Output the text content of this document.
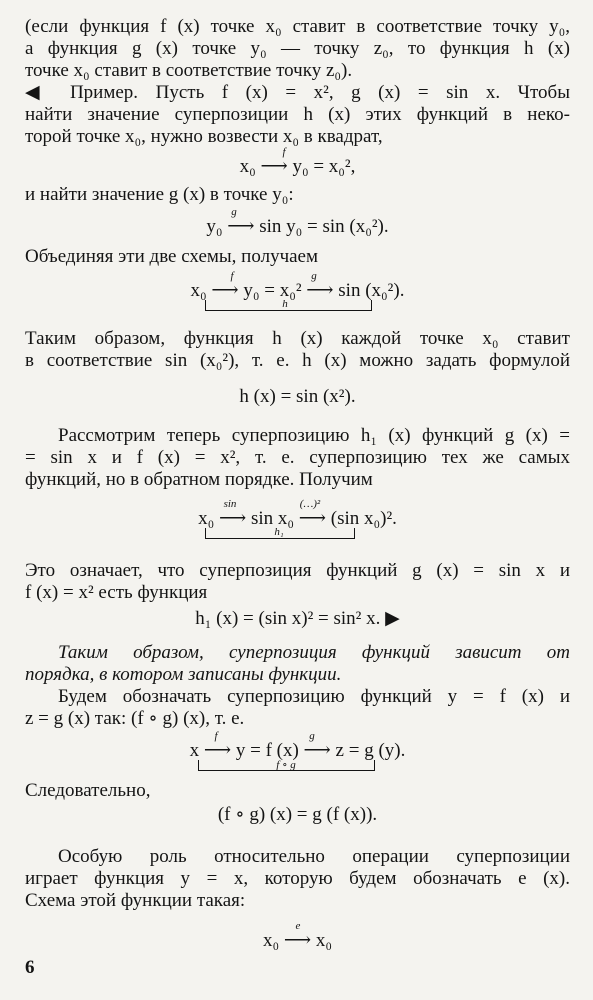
(если функция f (x) точке x₀ ставит в соответствие точку y₀,
а функция g (x) точке y₀ — точку z₀, то функция h (x)
точке x₀ ставит в соответствие точку z₀).
◀ Пример. Пусть f (x) = x², g (x) = sin x. Чтобы
найти значение суперпозиции h (x) этих функций в неко-
торой точке x₀, нужно возвести x₀ в квадрат,
x₀ ⟶ y₀ = x₀²,
f
и найти значение g (x) в точке y₀:
y₀ ⟶ sin y₀ = sin (x₀²).
g
Объединяя эти две схемы, получаем
x₀ ⟶ y₀ = x₀² ⟶ sin (x₀²).
f	g
h
Таким образом, функция h (x) каждой точке x₀ ставит
в соответствие sin (x₀²), т. е. h (x) можно задать формулой
h (x) = sin (x²).
Рассмотрим теперь суперпозицию h₁ (x) функций g (x) =
= sin x и f (x) = x², т. е. суперпозицию тех же самых
функций, но в обратном порядке. Получим
x₀ ⟶ sin x₀ ⟶ (sin x₀)².
sin	(…)²
h₁
Это означает, что суперпозиция функций g (x) = sin x и
f (x) = x² есть функция
h₁ (x) = (sin x)² = sin² x. ▶
Таким образом, суперпозиция функций зависит от
порядка, в котором записаны функции.
Будем обозначать суперпозицию функций y = f (x) и
z = g (x) так: (f ∘ g) (x), т. е.
x ⟶ y = f (x) ⟶ z = g (y).
f	g
f ∘ g
Следовательно,
(f ∘ g) (x) = g (f (x)).
Особую роль относительно операции суперпозиции
играет функция y = x, которую будем обозначать e (x).
Схема этой функции такая:
x₀ ⟶ x₀
e
6
